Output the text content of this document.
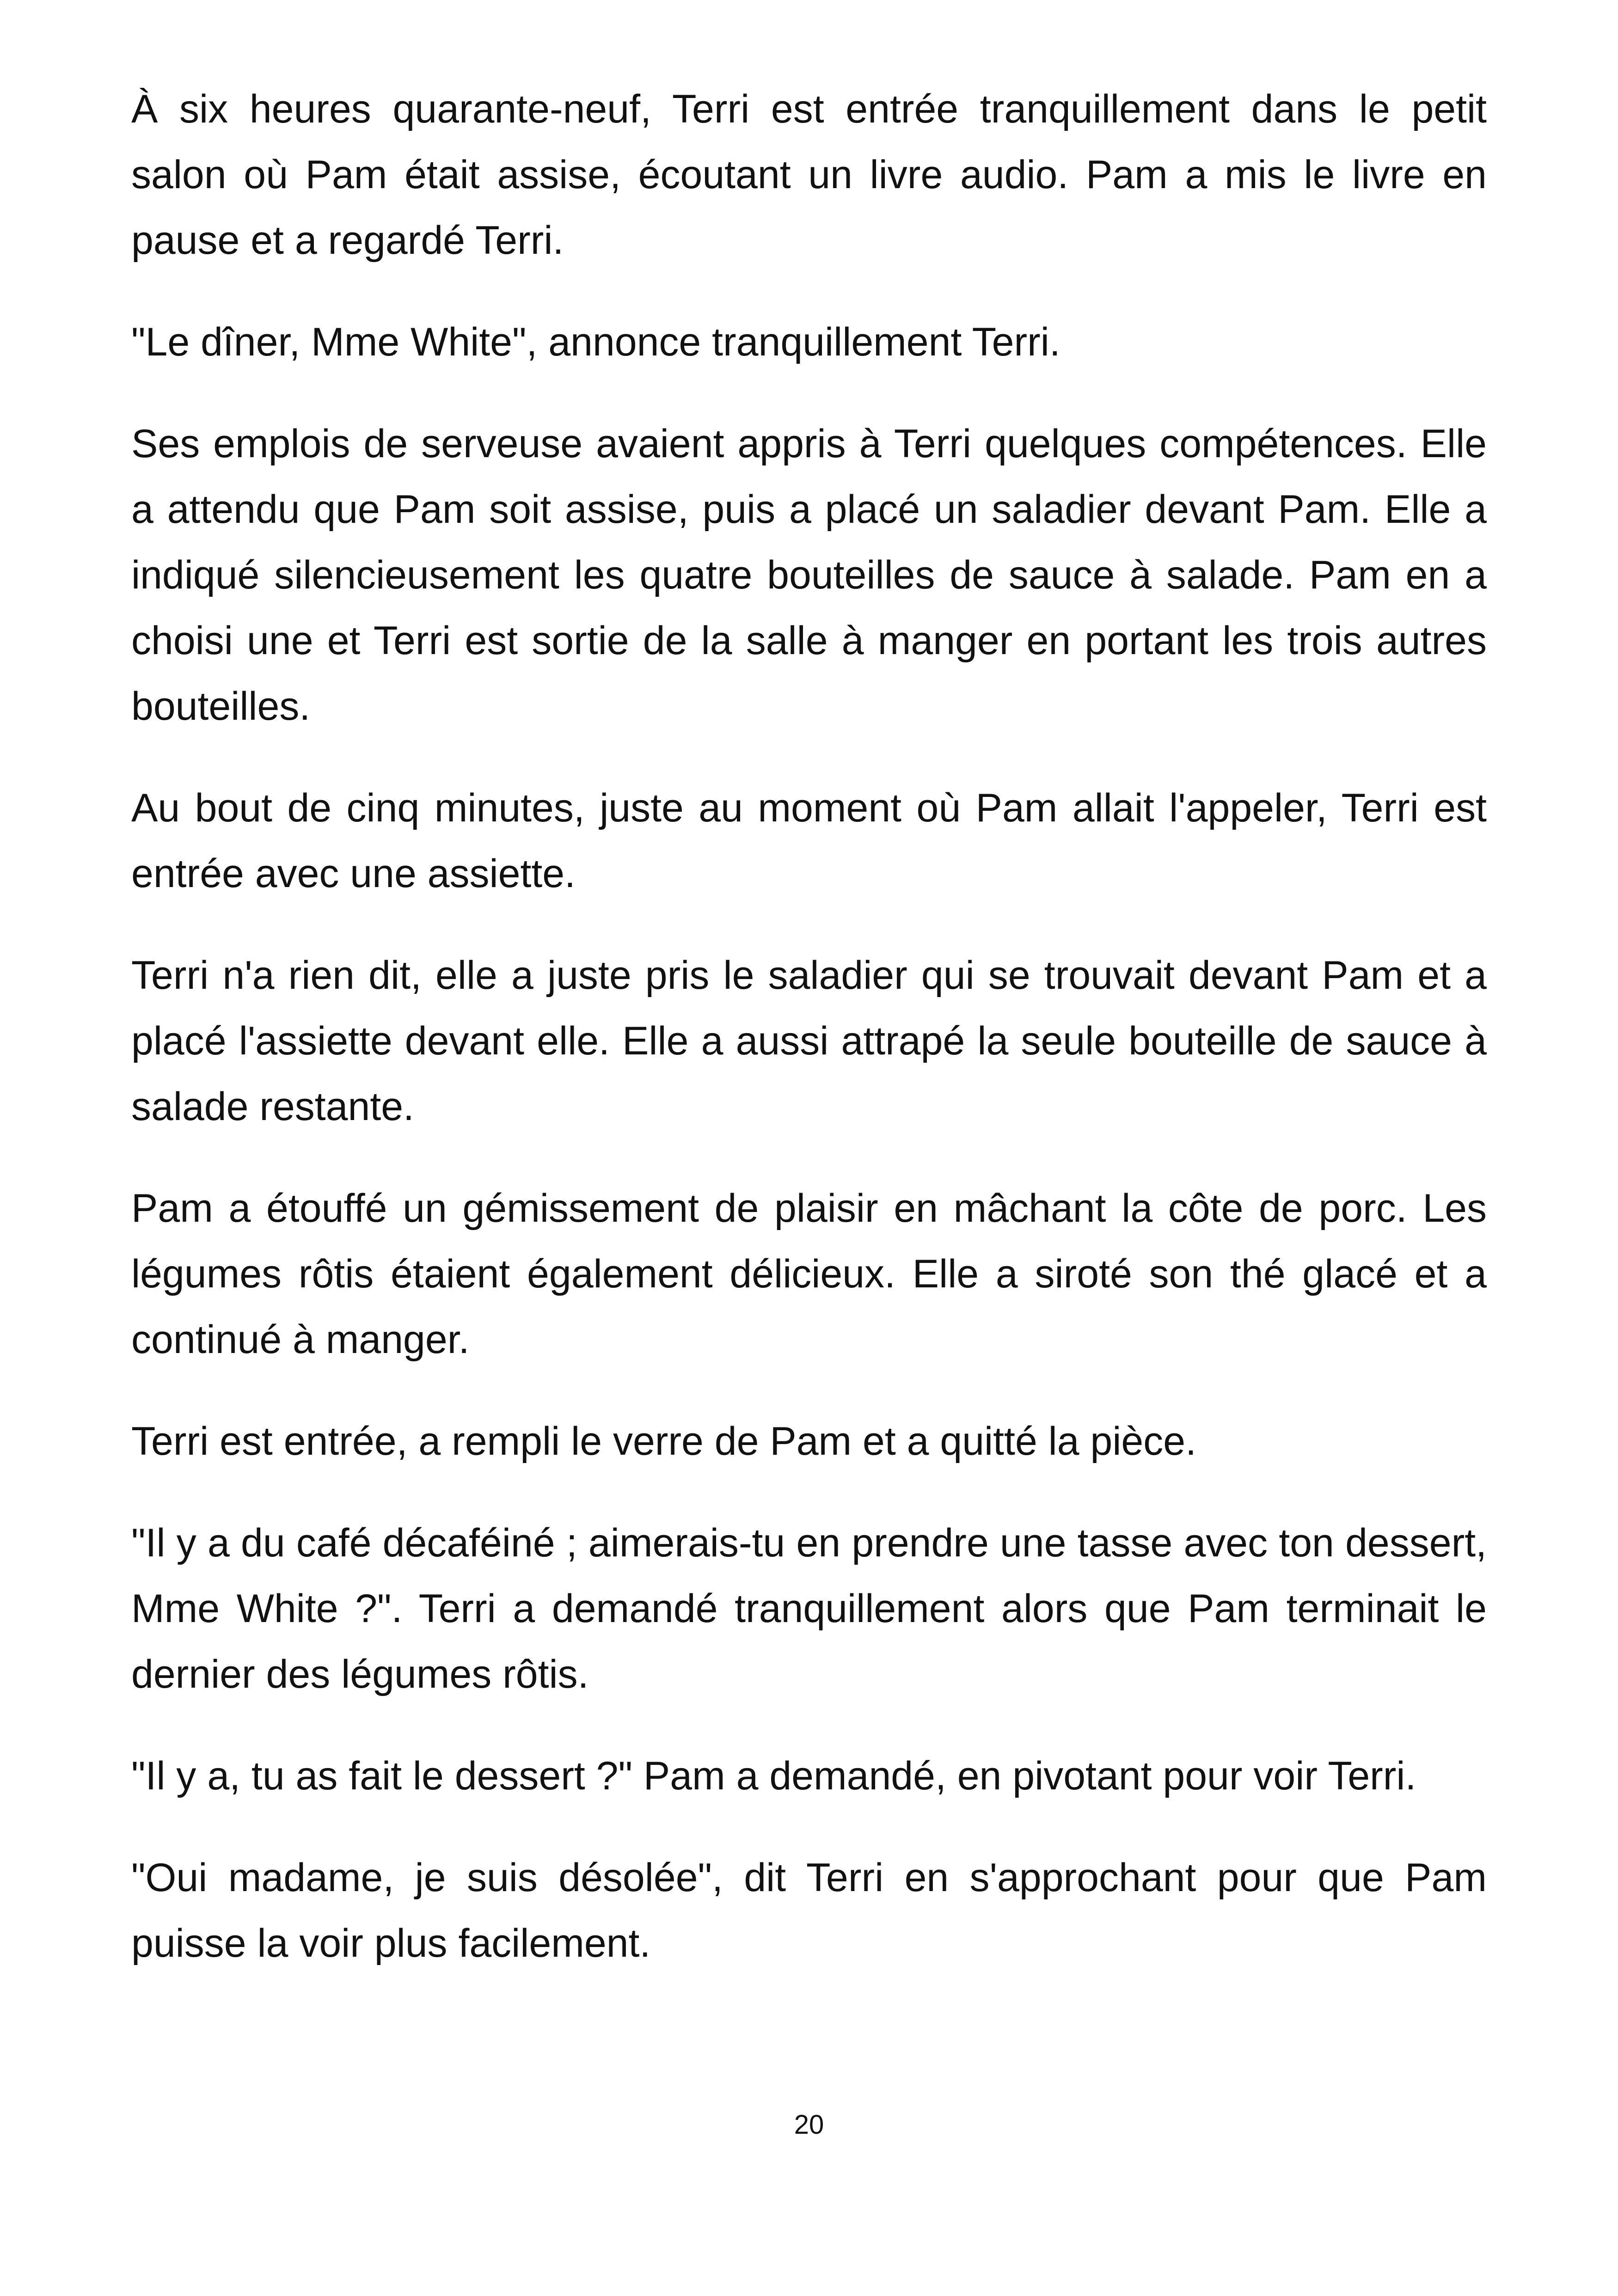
À six heures quarante-neuf, Terri est entrée tranquillement dans le petit salon où Pam était assise, écoutant un livre audio. Pam a mis le livre en pause et a regardé Terri.

"Le dîner, Mme White", annonce tranquillement Terri.

Ses emplois de serveuse avaient appris à Terri quelques compétences. Elle a attendu que Pam soit assise, puis a placé un saladier devant Pam. Elle a indiqué silencieusement les quatre bouteilles de sauce à salade. Pam en a choisi une et Terri est sortie de la salle à manger en portant les trois autres bouteilles.

Au bout de cinq minutes, juste au moment où Pam allait l'appeler, Terri est entrée avec une assiette.

Terri n'a rien dit, elle a juste pris le saladier qui se trouvait devant Pam et a placé l'assiette devant elle. Elle a aussi attrapé la seule bouteille de sauce à salade restante.

Pam a étouffé un gémissement de plaisir en mâchant la côte de porc. Les légumes rôtis étaient également délicieux. Elle a siroté son thé glacé et a continué à manger.

Terri est entrée, a rempli le verre de Pam et a quitté la pièce.

"Il y a du café décaféiné ; aimerais-tu en prendre une tasse avec ton dessert, Mme White ?". Terri a demandé tranquillement alors que Pam terminait le dernier des légumes rôtis.

"Il y a, tu as fait le dessert ?" Pam a demandé, en pivotant pour voir Terri.

"Oui madame, je suis désolée", dit Terri en s'approchant pour que Pam puisse la voir plus facilement.

20
